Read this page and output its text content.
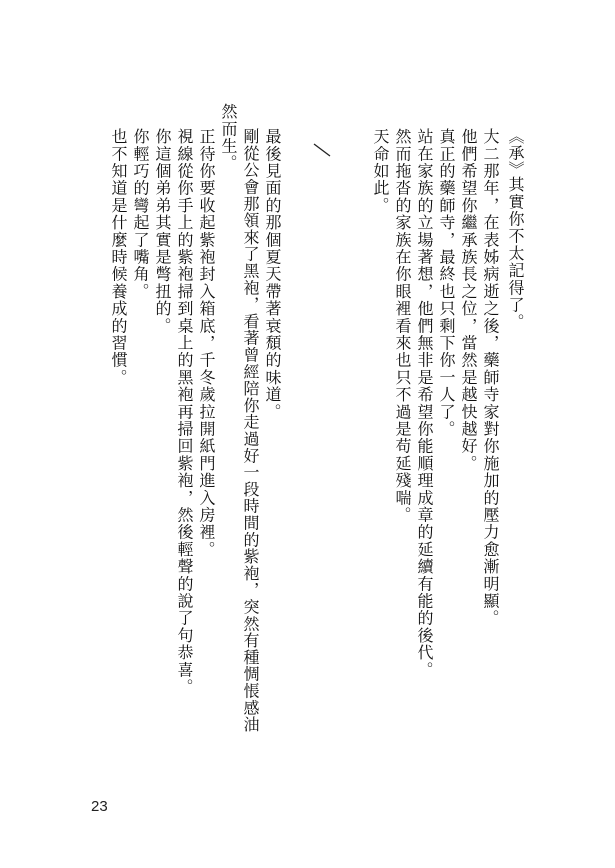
《承》
其實你不太記得了。
大二那年，在表姊病逝之後，藥師寺家對你施加的壓力愈漸明顯。
他們希望你繼承族長之位，當然是越快越好。
真正的藥師寺，最終也只剩下你一人了。
站在家族的立場著想，他們無非是希望你能順理成章的延續有能的後代。
然而拖沓的家族在你眼裡看來也只不過是苟延殘喘。
天命如此。
最後見面的那個夏天帶著衰頹的味道。
剛從公會那領來了黑袍，看著曾經陪你走過好一段時間的紫袍，突然有種惆悵感油
然而生。
正待你要收起紫袍封入箱底，千冬歲拉開紙門進入房裡。
視線從你手上的紫袍掃到桌上的黑袍再掃回紫袍，然後輕聲的說了句恭喜。
你這個弟弟其實是彆扭的。
你輕巧的彎起了嘴角。
也不知道是什麼時候養成的習慣。
23
